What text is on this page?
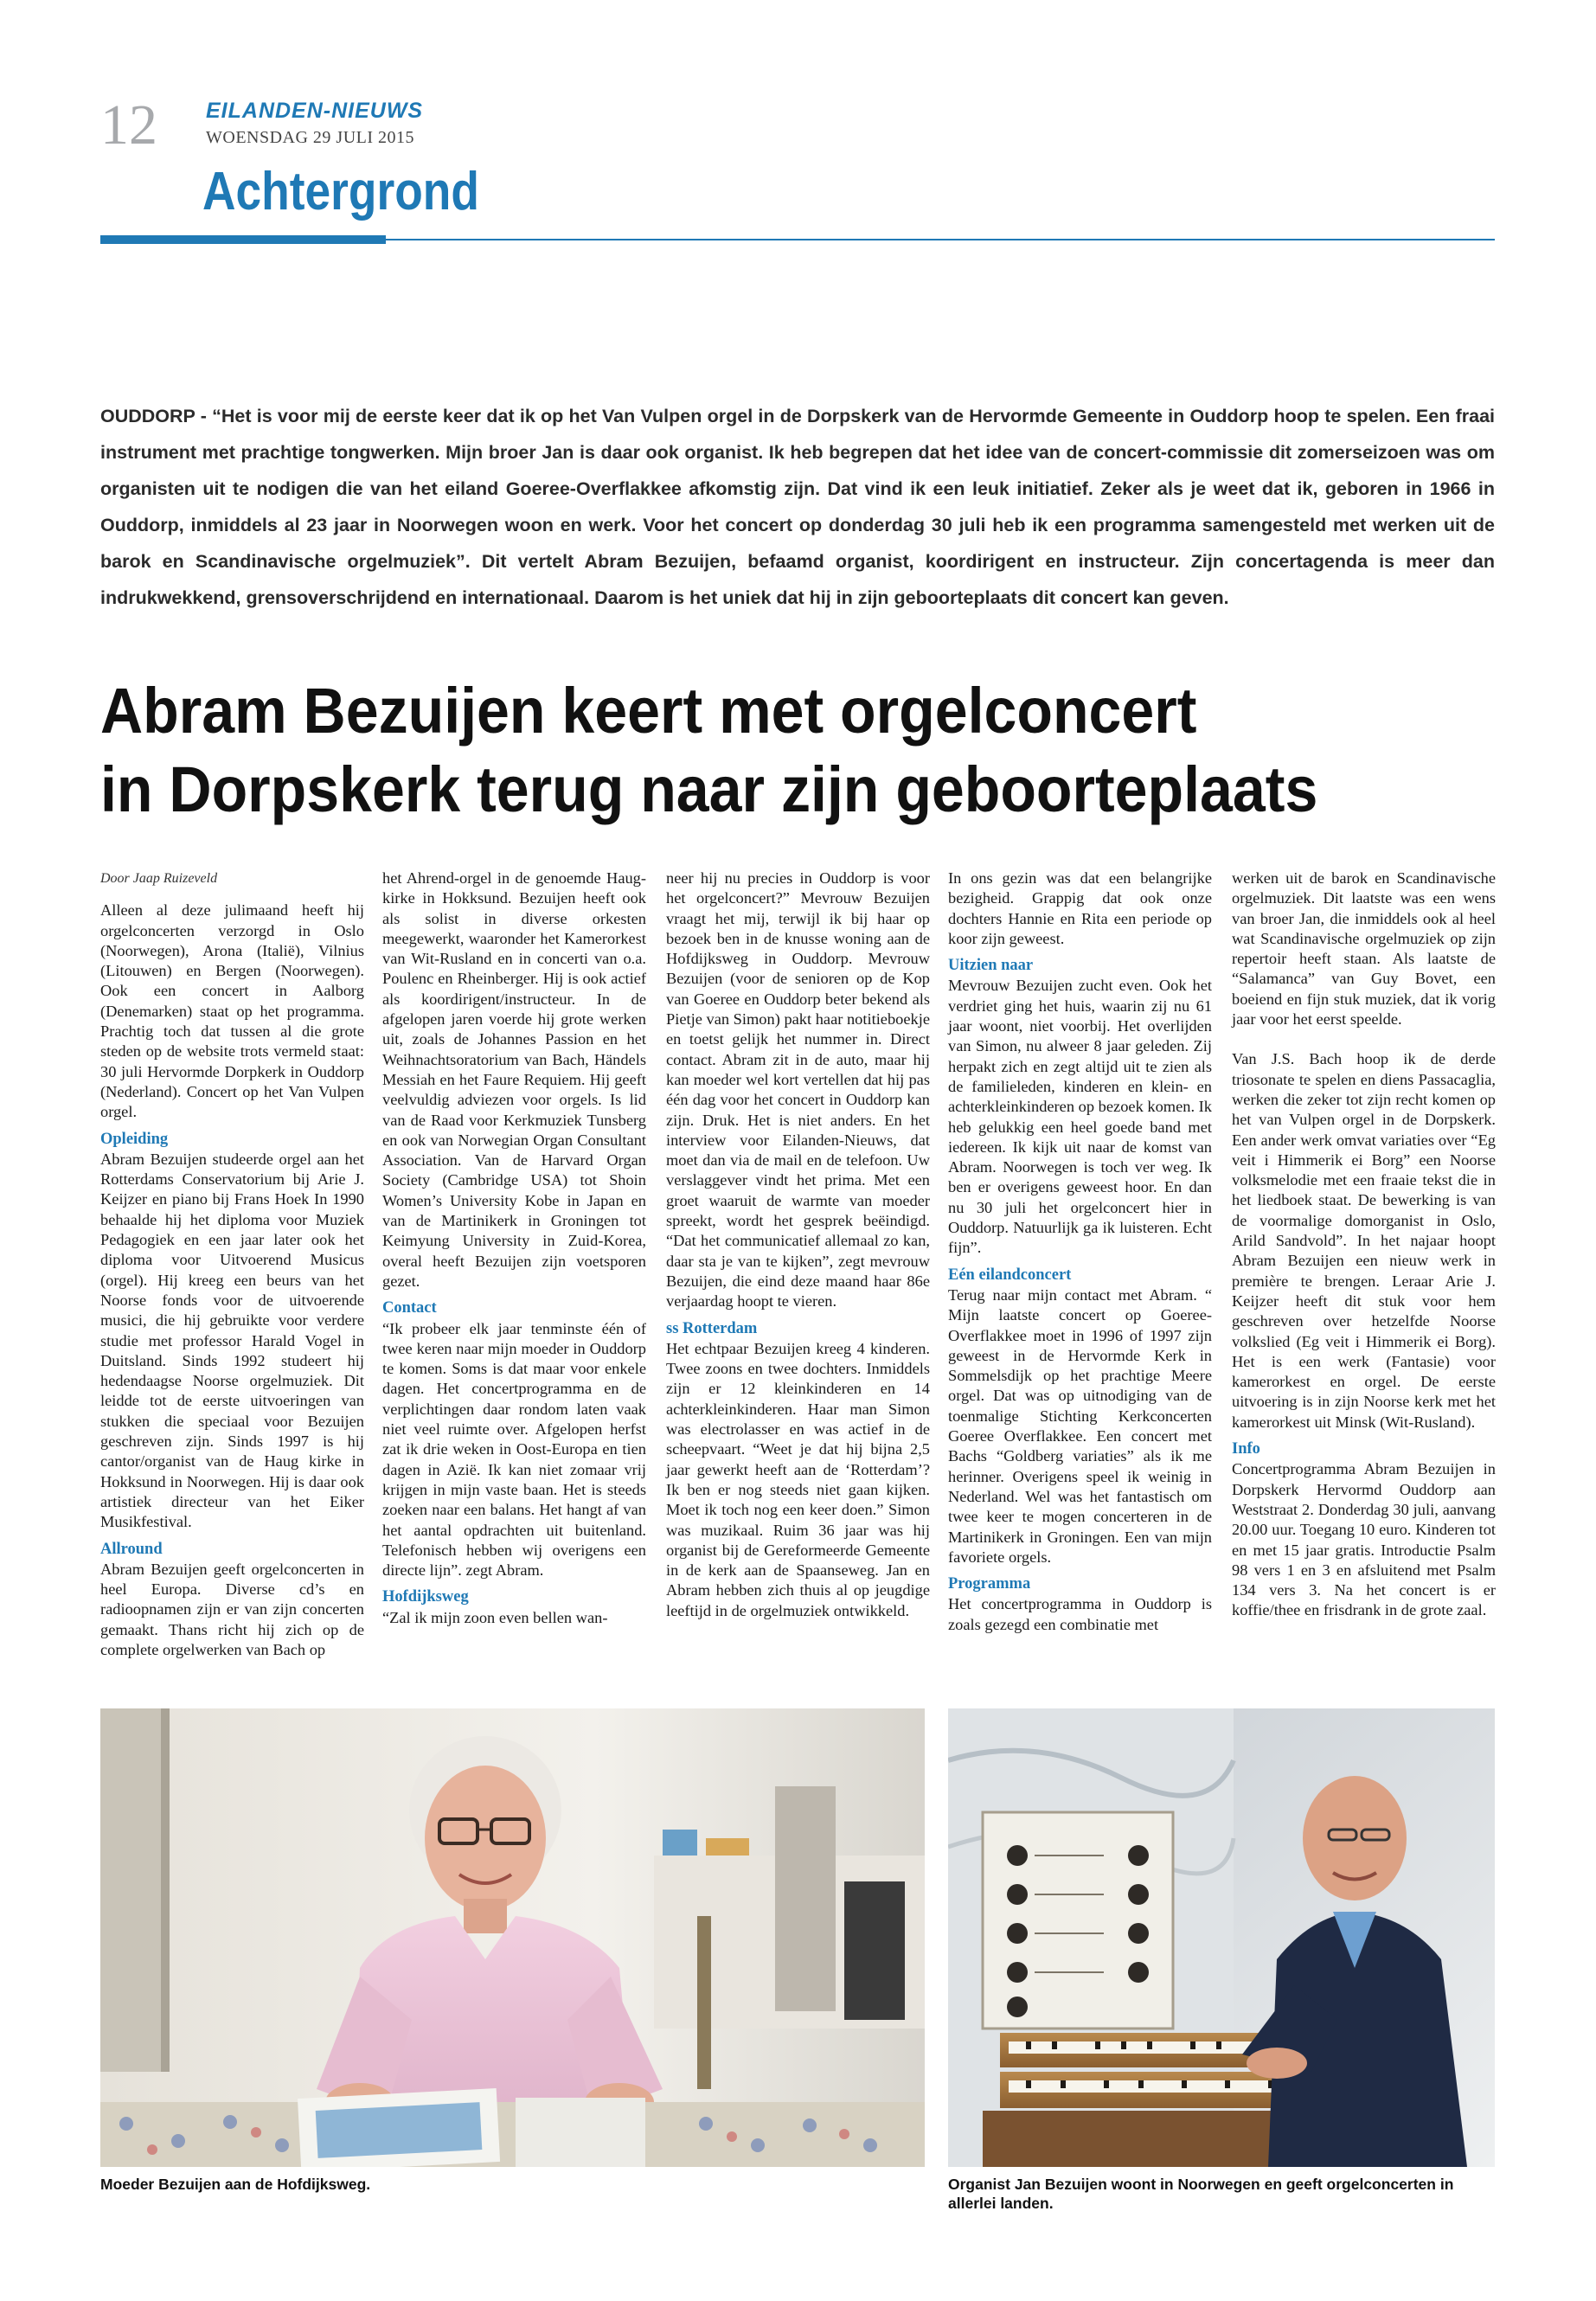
12 EILANDEN-NIEUWS
WOENSDAG 29 JULI 2015
Achtergrond
OUDDORP - “Het is voor mij de eerste keer dat ik op het Van Vulpen orgel in de Dorpskerk van de Hervormde Gemeente in Ouddorp hoop te spelen. Een fraai instrument met prachtige tongwerken. Mijn broer Jan is daar ook organist. Ik heb begrepen dat het idee van de concert-commissie dit zomerseizoen was om organisten uit te nodigen die van het eiland Goeree-Overflakkee afkomstig zijn. Dat vind ik een leuk initiatief. Zeker als je weet dat ik, geboren in 1966 in Ouddorp, inmiddels al 23 jaar in Noorwegen woon en werk. Voor het concert op donderdag 30 juli heb ik een programma samengesteld met werken uit de barok en Scandinavische orgelmuziek”. Dit vertelt Abram Bezuijen, befaamd organist, koordirigent en instructeur. Zijn concertagenda is meer dan indrukwekkend, grensoverschrijdend en internationaal. Daarom is het uniek dat hij in zijn geboorteplaats dit concert kan geven.
Abram Bezuijen keert met orgelconcert
in Dorpskerk terug naar zijn geboorteplaats

Door Jaap Ruizeveld

Alleen al deze julimaand heeft hij orgelconcerten verzorgd in Oslo (Noorwegen), Arona (Italië), Vilnius (Litouwen) en Bergen (Noorwegen). Ook een concert in Aalborg (Denemarken) staat op het programma. Prachtig toch dat tussen al die grote steden op de website trots vermeld staat: 30 juli Hervormde Dorpkerk in Ouddorp (Nederland). Concert op het Van Vulpen orgel.

Opleiding

Abram Bezuijen studeerde orgel aan het Rotterdams Conservatorium bij Arie J. Keijzer en piano bij Frans Hoek In 1990 behaalde hij het diploma voor Muziek Pedagogiek en een jaar later ook het diploma voor Uitvoerend Musicus (orgel). Hij kreeg een beurs van het Noorse fonds voor de uitvoerende musici, die hij gebruikte voor verdere studie met professor Harald Vogel in Duitsland. Sinds 1992 studeert hij hedendaagse Noorse orgelmuziek. Dit leidde tot de eerste uitvoeringen van stukken die speciaal voor Bezuijen geschreven zijn. Sinds 1997 is hij cantor/organist van de Haug kirke in Hokksund in Noorwegen. Hij is daar ook artistiek directeur van het Eiker Musikfestival.

Allround

Abram Bezuijen geeft orgelconcerten in heel Europa. Diverse cd’s en radioopnamen zijn er van zijn concerten gemaakt. Thans richt hij zich op de complete orgelwerken van Bach op

het Ahrend-orgel in de genoemde Haug-kirke in Hokksund. Bezuijen heeft ook als solist in diverse orkesten meegewerkt, waaronder het Kamerorkest van Wit-Rusland en in concerti van o.a. Poulenc en Rheinberger. Hij is ook actief als koordirigent/instructeur. In de afgelopen jaren voerde hij grote werken uit, zoals de Johannes Passion en het Weihnachtsoratorium van Bach, Händels Messiah en het Faure Requiem. Hij geeft veelvuldig adviezen voor orgels. Is lid van de Raad voor Kerkmuziek Tunsberg en ook van Norwegian Organ Consultant Association. Van de Harvard Organ Society (Cambridge USA) tot Shoin Women’s University Kobe in Japan en van de Martinikerk in Groningen tot Keimyung University in Zuid-Korea, overal heeft Bezuijen zijn voetsporen gezet.

Contact

“Ik probeer elk jaar tenminste één of twee keren naar mijn moeder in Ouddorp te komen. Soms is dat maar voor enkele dagen. Het concertprogramma en de verplichtingen daar rondom laten vaak niet veel ruimte over. Afgelopen herfst zat ik drie weken in Oost-Europa en tien dagen in Azië. Ik kan niet zomaar vrij krijgen in mijn vaste baan. Het is steeds zoeken naar een balans. Het hangt af van het aantal opdrachten uit buitenland. Telefonisch hebben wij overigens een directe lijn”. zegt Abram.

Hofdijksweg

“Zal ik mijn zoon even bellen wan-

neer hij nu precies in Ouddorp is voor het orgelconcert?” Mevrouw Bezuijen vraagt het mij, terwijl ik bij haar op bezoek ben in de knusse woning aan de Hofdijksweg in Ouddorp. Mevrouw Bezuijen (voor de senioren op de Kop van Goeree en Ouddorp beter bekend als Pietje van Simon) pakt haar notitieboekje en toetst gelijk het nummer in. Direct contact. Abram zit in de auto, maar hij kan moeder wel kort vertellen dat hij pas één dag voor het concert in Ouddorp kan zijn. Druk. Het is niet anders. En het interview voor Eilanden-Nieuws, dat moet dan via de mail en de telefoon. Uw verslaggever vindt het prima. Met een groet waaruit de warmte van moeder spreekt, wordt het gesprek beëindigd. “Dat het communicatief allemaal zo kan, daar sta je van te kijken”, zegt mevrouw Bezuijen, die eind deze maand haar 86e verjaardag hoopt te vieren.

ss Rotterdam

Het echtpaar Bezuijen kreeg 4 kinderen. Twee zoons en twee dochters. Inmiddels zijn er 12 kleinkinderen en 14 achterkleinkinderen. Haar man Simon was electrolasser en was actief in de scheepvaart. “Weet je dat hij bijna 2,5 jaar gewerkt heeft aan de ‘Rotterdam’? Ik ben er nog steeds niet gaan kijken. Moet ik toch nog een keer doen.” Simon was muzikaal. Ruim 36 jaar was hij organist bij de Gereformeerde Gemeente in de kerk aan de Spaanseweg. Jan en Abram hebben zich thuis al op jeugdige leeftijd in de orgelmuziek ontwikkeld.

In ons gezin was dat een belangrijke bezigheid. Grappig dat ook onze dochters Hannie en Rita een periode op koor zijn geweest.

Uitzien naar

Mevrouw Bezuijen zucht even. Ook het verdriet ging het huis, waarin zij nu 61 jaar woont, niet voorbij. Het overlijden van Simon, nu alweer 8 jaar geleden. Zij herpakt zich en zegt altijd uit te zien als de familieleden, kinderen en klein- en achterkleinkinderen op bezoek komen. Ik heb gelukkig een heel goede band met iedereen. Ik kijk uit naar de komst van Abram. Noorwegen is toch ver weg. Ik ben er overigens geweest hoor. En dan nu 30 juli het orgelconcert hier in Ouddorp. Natuurlijk ga ik luisteren. Echt fijn”.

Eén eilandconcert

Terug naar mijn contact met Abram. “ Mijn laatste concert op Goeree-Overflakkee moet in 1996 of 1997 zijn geweest in de Hervormde Kerk in Sommelsdijk op het prachtige Meere orgel. Dat was op uitnodiging van de toenmalige Stichting Kerkconcerten Goeree Overflakkee. Een concert met Bachs “Goldberg variaties” als ik me herinner. Overigens speel ik weinig in Nederland. Wel was het fantastisch om twee keer te mogen concerteren in de Martinikerk in Groningen. Een van mijn favoriete orgels.

Programma

Het concertprogramma in Ouddorp is zoals gezegd een combinatie met

werken uit de barok en Scandinavische orgelmuziek. Dit laatste was een wens van broer Jan, die inmiddels ook al heel wat Scandinavische orgelmuziek op zijn repertoir heeft staan. Als laatste de “Salamanca” van Guy Bovet, een boeiend en fijn stuk muziek, dat ik vorig jaar voor het eerst speelde.

Van J.S. Bach hoop ik de derde triosonate te spelen en diens Passacaglia, werken die zeker tot zijn recht komen op het van Vulpen orgel in de Dorpskerk. Een ander werk omvat variaties over “Eg veit i Himmerik ei Borg” een Noorse volksmelodie met een fraaie tekst die in het liedboek staat. De bewerking is van de voormalige domorganist in Oslo, Arild Sandvold”. In het najaar hoopt Abram Bezuijen een nieuw werk in première te brengen. Leraar Arie J. Keijzer heeft dit stuk voor hem geschreven over hetzelfde Noorse volkslied (Eg veit i Himmerik ei Borg). Het is een werk (Fantasie) voor kamerorkest en orgel. De eerste uitvoering is in zijn Noorse kerk met het kamerorkest uit Minsk (Wit-Rusland).

Info

Concertprogramma Abram Bezuijen in Dorpskerk Hervormd Ouddorp aan Weststraat 2. Donderdag 30 juli, aanvang 20.00 uur. Toegang 10 euro. Kinderen tot en met 15 jaar gratis. Introductie Psalm 98 vers 1 en 3 en afsluitend met Psalm 134 vers 3. Na het concert is er koffie/thee en frisdrank in de grote zaal.

Moeder Bezuijen aan de Hofdijksweg.	Organist Jan Bezuijen woont in Noorwegen en geeft orgelconcerten in allerlei landen.
